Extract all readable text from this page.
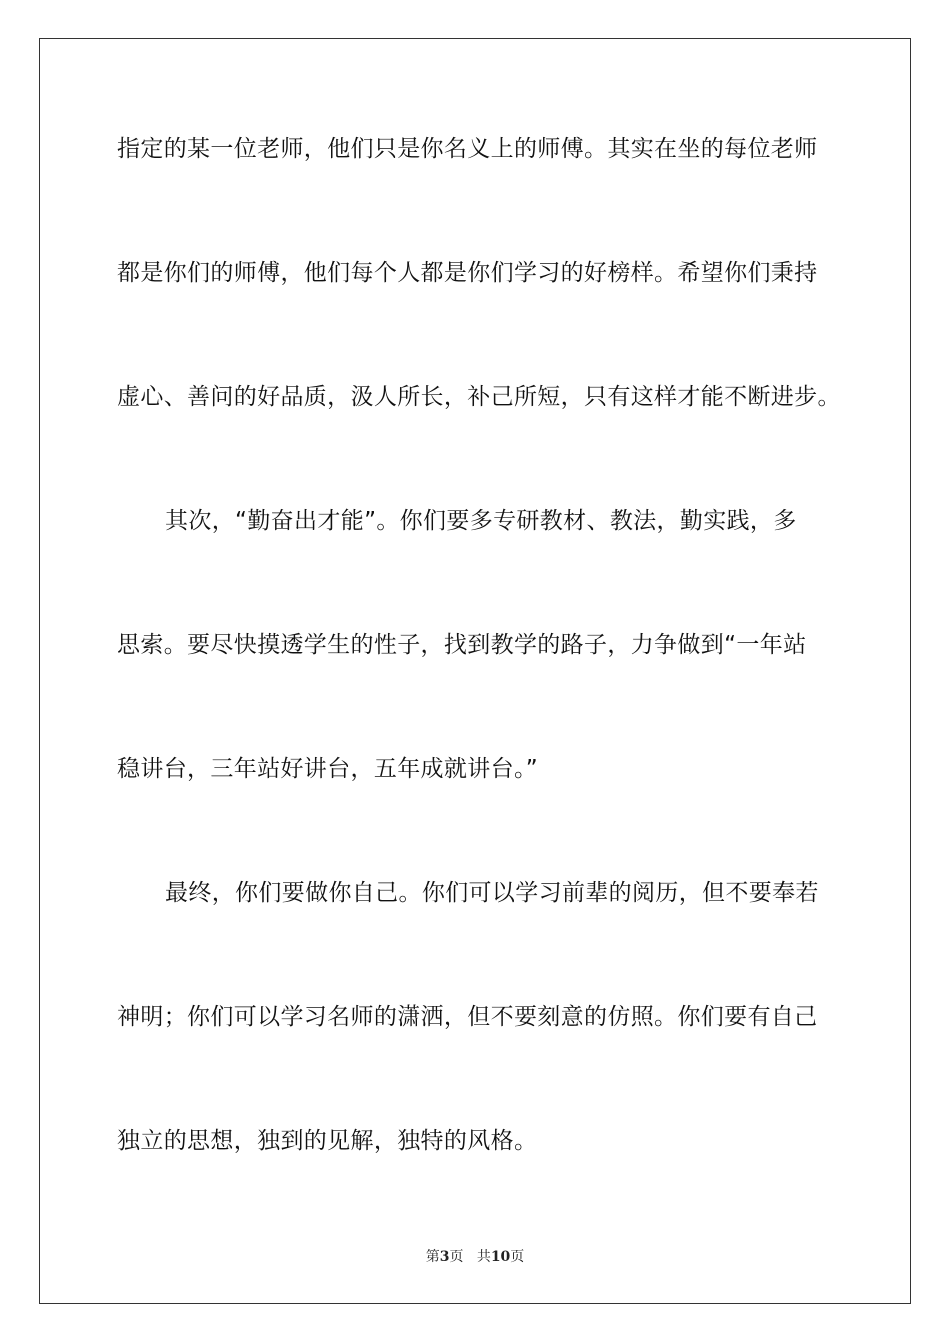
指定的某一位老师，他们只是你名义上的师傅。其实在坐的每位老师
都是你们的师傅，他们每个人都是你们学习的好榜样。希望你们秉持
虚心、善问的好品质，汲人所长，补己所短，只有这样才能不断进步。
其次，“勤奋出才能”。你们要多专研教材、教法，勤实践，多
思索。要尽快摸透学生的性子，找到教学的路子，力争做到“一年站
稳讲台，三年站好讲台，五年成就讲台。”
最终，你们要做你自己。你们可以学习前辈的阅历，但不要奉若
神明；你们可以学习名师的潇洒，但不要刻意的仿照。你们要有自己
独立的思想，独到的见解，独特的风格。
第3页 共10页
